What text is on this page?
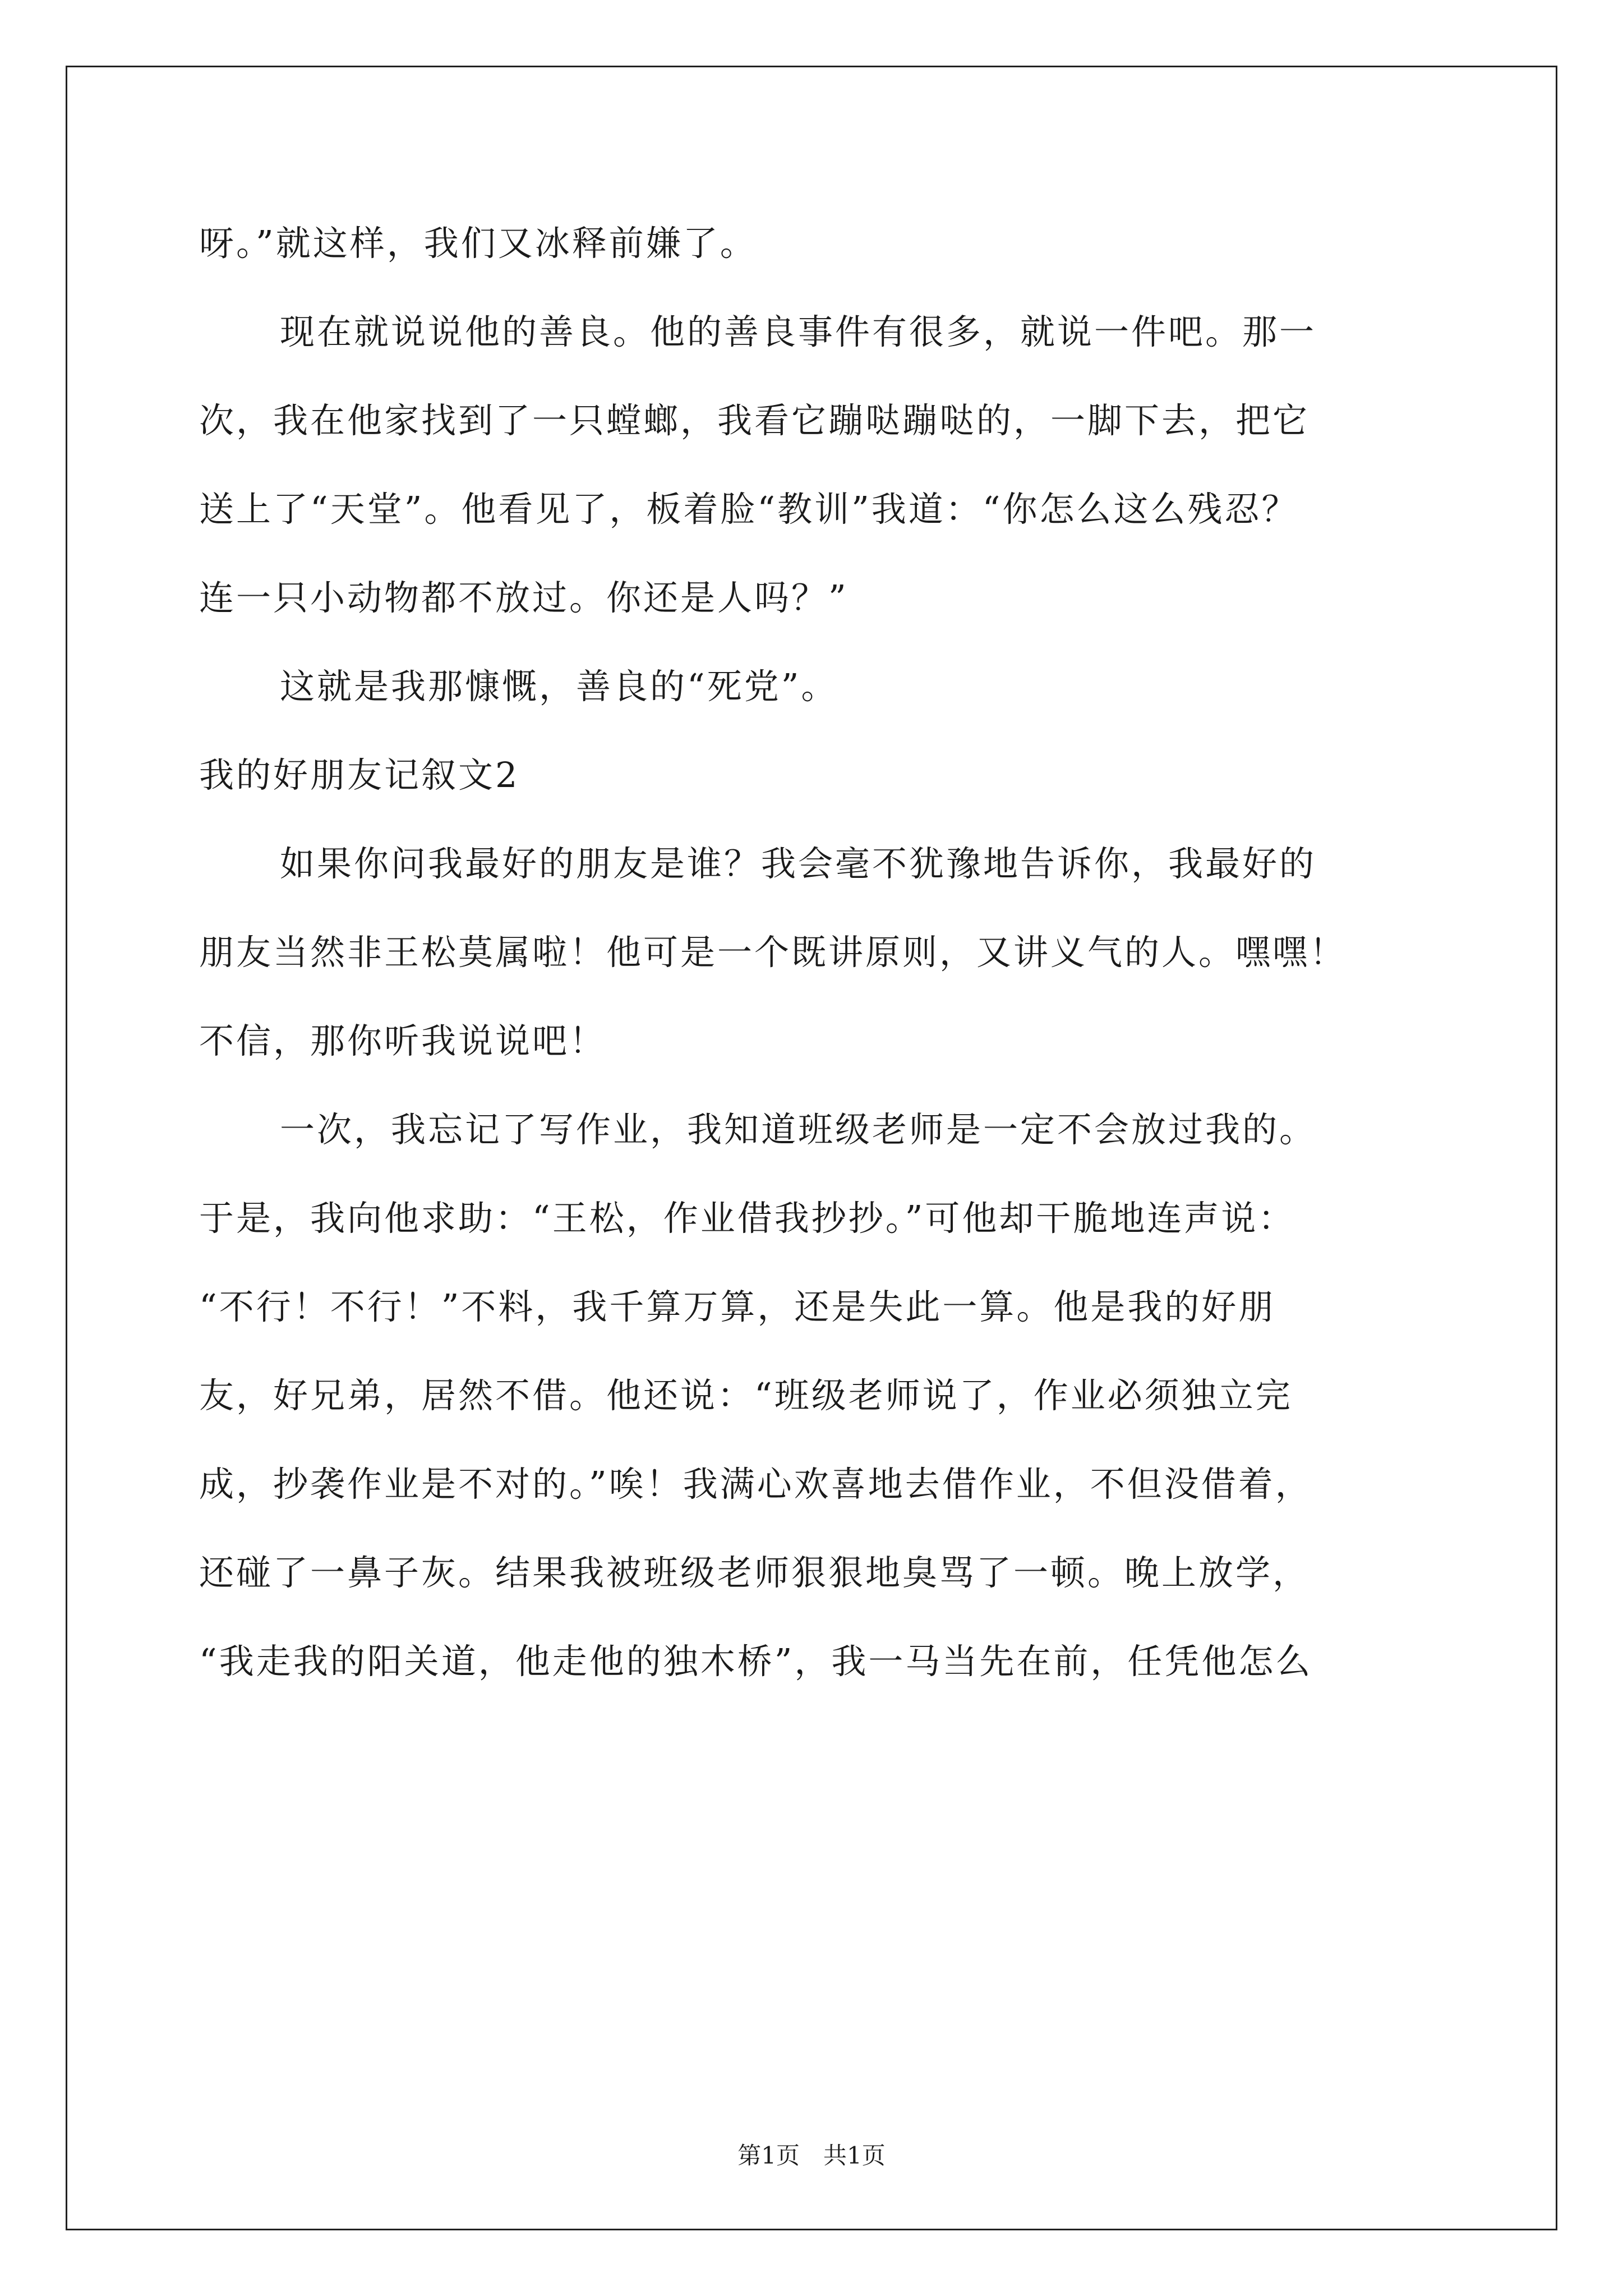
呀。”就这样，我们又冰释前嫌了。
现在就说说他的善良。他的善良事件有很多，就说一件吧。那一
次，我在他家找到了一只螳螂，我看它蹦哒蹦哒的，一脚下去，把它
送上了“天堂”。他看见了，板着脸“教训”我道：“你怎么这么残忍？
连一只小动物都不放过。你还是人吗？”
这就是我那慷慨，善良的“死党”。
我的好朋友记叙文2
如果你问我最好的朋友是谁？我会毫不犹豫地告诉你，我最好的
朋友当然非王松莫属啦！他可是一个既讲原则，又讲义气的人。嘿嘿！
不信，那你听我说说吧！
一次，我忘记了写作业，我知道班级老师是一定不会放过我的。
于是，我向他求助：“王松，作业借我抄抄。”可他却干脆地连声说：
“不行！不行！”不料，我千算万算，还是失此一算。他是我的好朋
友，好兄弟，居然不借。他还说：“班级老师说了，作业必须独立完
成，抄袭作业是不对的。”唉！我满心欢喜地去借作业，不但没借着，
还碰了一鼻子灰。结果我被班级老师狠狠地臭骂了一顿。晚上放学，
“我走我的阳关道，他走他的独木桥”，我一马当先在前，任凭他怎么
第1页　共1页
